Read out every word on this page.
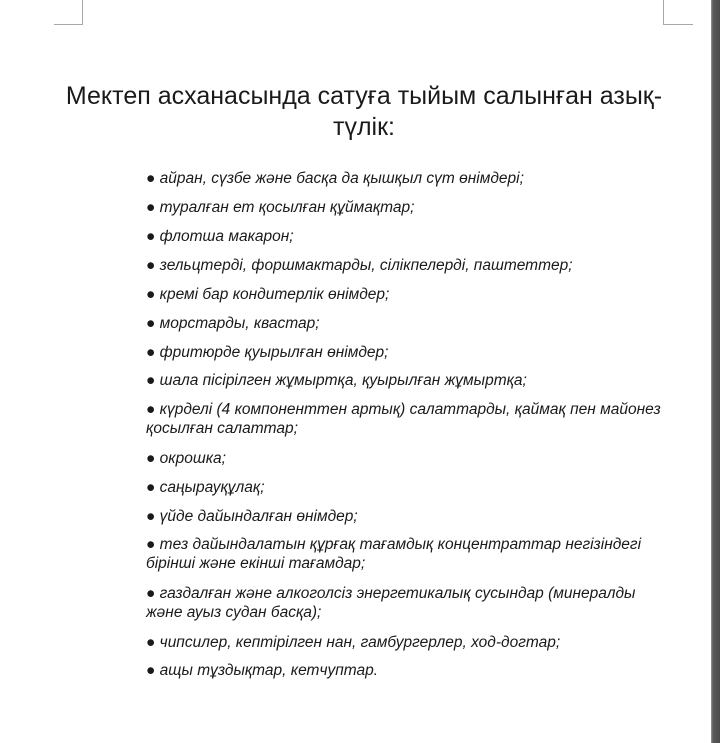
Мектеп асханасында сатуға тыйым салынған азық-түлік:

● айран, сүзбе және басқа да қышқыл сүт өнімдері;

● туралған ет қосылған құймақтар;

● флотша макарон;

● зельцтерді, форшмактарды, сілікпелерді, паштеттер;

● кремі бар кондитерлік өнімдер;

● морстарды, квастар;

● фритюрде қуырылған өнімдер;

● шала пісірілген жұмыртқа, қуырылған жұмыртқа;

● күрделі (4 компоненттен артық) салаттарды, қаймақ пен майонез қосылған салаттар;

● окрошка;

● саңырауқұлақ;

● үйде дайындалған өнімдер;

● тез дайындалатын құрғақ тағамдық концентраттар негізіндегі бірінші және екінші тағамдар;

● газдалған және алкоголсіз энергетикалық сусындар (минералды және ауыз судан басқа);

● чипсилер, кептірілген нан, гамбургерлер, ход-догтар;

● ащы тұздықтар, кетчуптар.
